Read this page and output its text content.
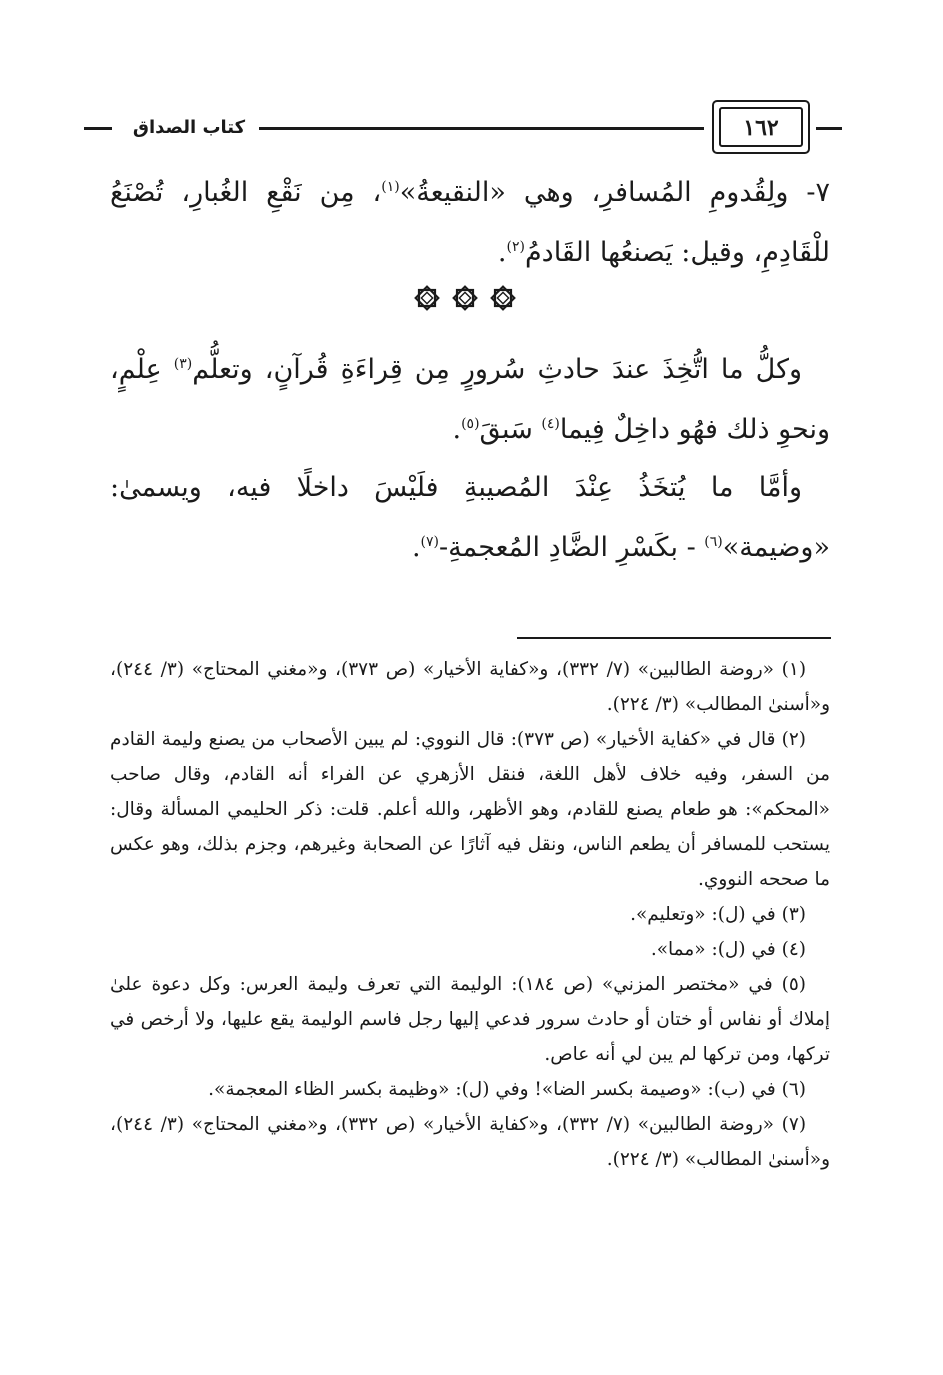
كتاب الصداق	١٦٢

٧- ولِقُدومِ المُسافرِ، وهي «النقيعةُ»$^{(١)}$، مِن نَقْعِ الغُبارِ، تُصْنَعُ للْقَادِمِ، وقيل: يَصنعُها القَادمُ$^{(٢)}$.

وكلُّ ما اتُّخِذَ عندَ حادثِ سُرورٍ مِن قِراءَةِ قُرآنٍ، وتعلُّم$^{(٣)}$ عِلْمٍ، ونحوِ ذلك فهُو داخِلٌ فِيما$^{(٤)}$ سَبقَ$^{(٥)}$.

وأمَّا ما يُتخَذُ عِنْدَ المُصيبةِ فلَيْسَ داخلًا فيه، ويسمىٰ: «وضيمة»$^{(٦)}$ - بكَسْرِ الضَّادِ المُعجمةِ-$^{(٧)}$.

(١) «روضة الطالبين» (٧/ ٣٣٢)، و«كفاية الأخيار» (ص ٣٧٣)، و«مغني المحتاج» (٣/ ٢٤٤)، و«أسنىٰ المطالب» (٣/ ٢٢٤).

(٢) قال في «كفاية الأخيار» (ص ٣٧٣): قال النووي: لم يبين الأصحاب من يصنع وليمة القادم من السفر، وفيه خلاف لأهل اللغة، فنقل الأزهري عن الفراء أنه القادم، وقال صاحب «المحكم»: هو طعام يصنع للقادم، وهو الأظهر، والله أعلم. قلت: ذكر الحليمي المسألة وقال: يستحب للمسافر أن يطعم الناس، ونقل فيه آثارًا عن الصحابة وغيرهم، وجزم بذلك، وهو عكس ما صححه النووي.

(٣) في (ل): «وتعليم».

(٤) في (ل): «مما».

(٥) في «مختصر المزني» (ص ١٨٤): الوليمة التي تعرف وليمة العرس: وكل دعوة علىٰ إملاك أو نفاس أو ختان أو حادث سرور فدعي إليها رجل فاسم الوليمة يقع عليها، ولا أرخص في تركها، ومن تركها لم يبن لي أنه عاص.

(٦) في (ب): «وصيمة بكسر الضا»! وفي (ل): «وظيمة بكسر الظاء المعجمة».

(٧) «روضة الطالبين» (٧/ ٣٣٢)، و«كفاية الأخيار» (ص ٣٣٢)، و«مغني المحتاج» (٣/ ٢٤٤)، و«أسنىٰ المطالب» (٣/ ٢٢٤).
